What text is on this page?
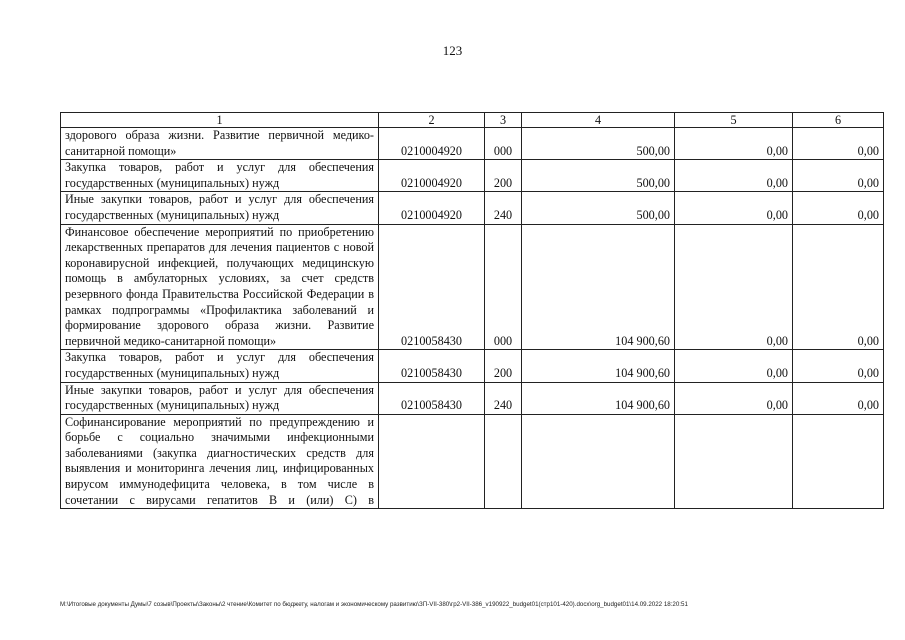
123
1	2	3	4	5	6
здорового образа жизни. Развитие первичной медико-санитарной помощи»	0210004920	000	500,00	0,00	0,00
Закупка товаров, работ и услуг для обеспечения государственных (муниципальных) нужд	0210004920	200	500,00	0,00	0,00
Иные закупки товаров, работ и услуг для обеспечения государственных (муниципальных) нужд	0210004920	240	500,00	0,00	0,00
Финансовое обеспечение мероприятий по приобретению лекарственных препаратов для лечения пациентов с новой коронавирусной инфекцией, получающих медицинскую помощь в амбулаторных условиях, за счет средств резервного фонда Правительства Российской Федерации в рамках подпрограммы «Профилактика заболеваний и формирование здорового образа жизни. Развитие первичной медико-санитарной помощи»	0210058430	000	104 900,60	0,00	0,00
Закупка товаров, работ и услуг для обеспечения государственных (муниципальных) нужд	0210058430	200	104 900,60	0,00	0,00
Иные закупки товаров, работ и услуг для обеспечения государственных (муниципальных) нужд	0210058430	240	104 900,60	0,00	0,00
Софинансирование мероприятий по предупреждению и борьбе с социально значимыми инфекционными заболеваниями (закупка диагностических средств для выявления и мониторинга лечения лиц, инфицированных вирусом иммунодефицита человека, в том числе в сочетании с вирусами гепатитов В и (или) С) в					
M:\Итоговые документы Думы\7 созыв\Проекты\Законы\2 чтение\Комитет по бюджету, налогам и экономическому развитию\ЗП-VII-380\гр2-VII-386_v190922_budget01(стр101-420).docx\org_budget01\14.09.2022 18:20:51
